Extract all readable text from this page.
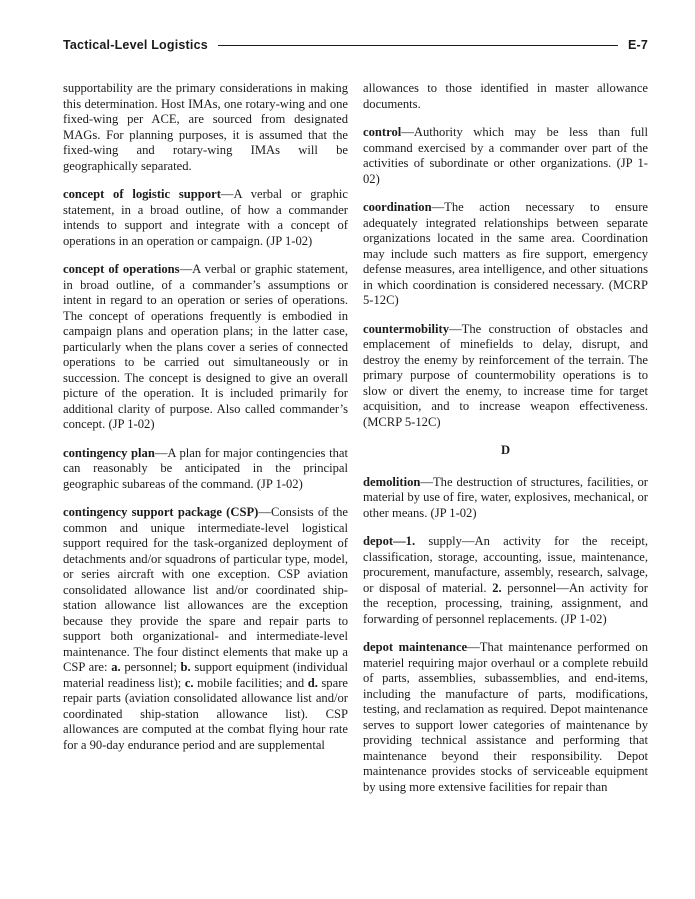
Tactical-Level Logistics	E-7

supportability are the primary considerations in making this determination. Host IMAs, one rotary-wing and one fixed-wing per ACE, are sourced from designated MAGs. For planning purposes, it is assumed that the fixed-wing and rotary-wing IMAs will be geographically separated.

concept of logistic support—A verbal or graphic statement, in a broad outline, of how a commander intends to support and integrate with a concept of operations in an operation or campaign. (JP 1-02)

concept of operations—A verbal or graphic statement, in broad outline, of a commander’s assumptions or intent in regard to an operation or series of operations. The concept of operations frequently is embodied in campaign plans and operation plans; in the latter case, particularly when the plans cover a series of connected operations to be carried out simultaneously or in succession. The concept is designed to give an overall picture of the operation. It is included primarily for additional clarity of purpose. Also called commander’s concept. (JP 1-02)

contingency plan—A plan for major contingencies that can reasonably be anticipated in the principal geographic subareas of the command. (JP 1-02)

contingency support package (CSP)—Consists of the common and unique intermediate-level logistical support required for the task-organized deployment of detachments and/or squadrons of particular type, model, or series aircraft with one exception. CSP aviation consolidated allowance list and/or coordinated ship-station allowance list allowances are the exception because they provide the spare and repair parts to support both organizational- and intermediate-level maintenance. The four distinct elements that make up a CSP are: a. personnel; b. support equipment (individual material readiness list); c. mobile facilities; and d. spare repair parts (aviation consolidated allowance list and/or coordinated ship-station allowance list). CSP allowances are computed at the combat flying hour rate for a 90-day endurance period and are supplemental

allowances to those identified in master allowance documents.

control—Authority which may be less than full command exercised by a commander over part of the activities of subordinate or other organizations. (JP 1-02)

coordination—The action necessary to ensure adequately integrated relationships between separate organizations located in the same area. Coordination may include such matters as fire support, emergency defense measures, area intelligence, and other situations in which coordination is considered necessary. (MCRP 5-12C)

countermobility—The construction of obstacles and emplacement of minefields to delay, disrupt, and destroy the enemy by reinforcement of the terrain. The primary purpose of countermobility operations is to slow or divert the enemy, to increase time for target acquisition, and to increase weapon effectiveness. (MCRP 5-12C)

D

demolition—The destruction of structures, facilities, or material by use of fire, water, explosives, mechanical, or other means. (JP 1-02)

depot—1. supply—An activity for the receipt, classification, storage, accounting, issue, maintenance, procurement, manufacture, assembly, research, salvage, or disposal of material. 2. personnel—An activity for the reception, processing, training, assignment, and forwarding of personnel replacements. (JP 1-02)

depot maintenance—That maintenance performed on materiel requiring major overhaul or a complete rebuild of parts, assemblies, subassemblies, and end-items, including the manufacture of parts, modifications, testing, and reclamation as required. Depot maintenance serves to support lower categories of maintenance by providing technical assistance and performing that maintenance beyond their responsibility. Depot maintenance provides stocks of serviceable equipment by using more extensive facilities for repair than
